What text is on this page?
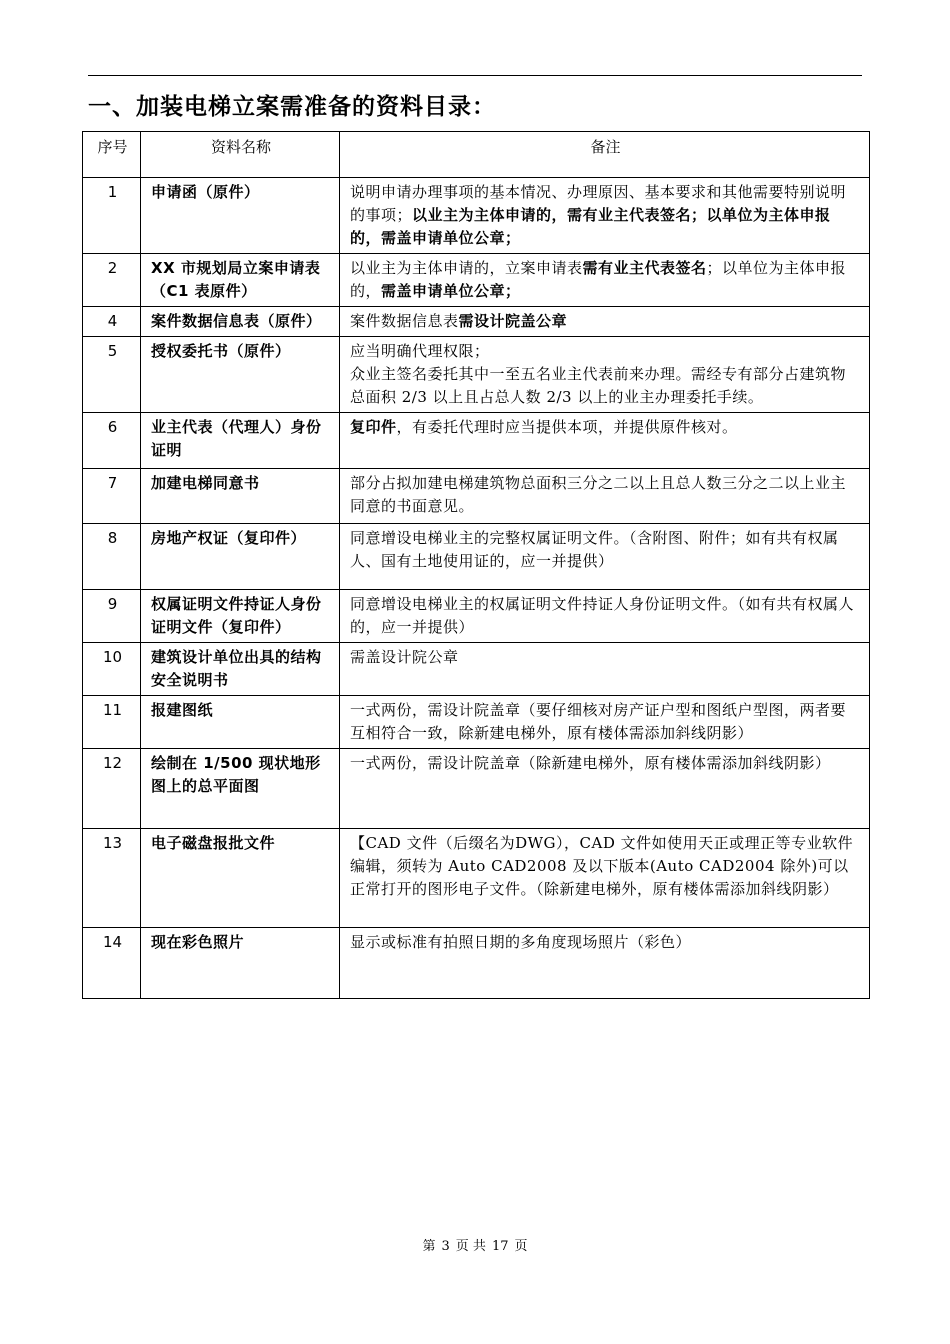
一、加装电梯立案需准备的资料目录：
序号	资料名称	备注
1	申请函（原件）	说明申请办理事项的基本情况、办理原因、基本要求和其他需要特别说明的事项；以业主为主体申请的，需有业主代表签名；以单位为主体申报的，需盖申请单位公章；
2	XX 市规划局立案申请表（C1 表原件）	以业主为主体申请的，立案申请表需有业主代表签名；以单位为主体申报的，需盖申请单位公章；
4	案件数据信息表（原件）	案件数据信息表需设计院盖公章
5	授权委托书（原件）	应当明确代理权限；
众业主签名委托其中一至五名业主代表前来办理。需经专有部分占建筑物总面积 2/3 以上且占总人数 2/3 以上的业主办理委托手续。
6	业主代表（代理人）身份证明	复印件，有委托代理时应当提供本项，并提供原件核对。
7	加建电梯同意书	部分占拟加建电梯建筑物总面积三分之二以上且总人数三分之二以上业主同意的书面意见。
8	房地产权证（复印件）	同意增设电梯业主的完整权属证明文件。（含附图、附件；如有共有权属人、国有土地使用证的，应一并提供）
9	权属证明文件持证人身份证明文件（复印件）	同意增设电梯业主的权属证明文件持证人身份证明文件。（如有共有权属人的，应一并提供）
10	建筑设计单位出具的结构安全说明书	需盖设计院公章
11	报建图纸	一式两份，需设计院盖章（要仔细核对房产证户型和图纸户型图，两者要互相符合一致，除新建电梯外，原有楼体需添加斜线阴影）
12	绘制在 1/500 现状地形图上的总平面图	一式两份，需设计院盖章（除新建电梯外，原有楼体需添加斜线阴影）
13	电子磁盘报批文件	【CAD 文件（后缀名为DWG），CAD 文件如使用天正或理正等专业软件编辑，须转为 Auto CAD2008 及以下版本(Auto CAD2004 除外)可以正常打开的图形电子文件。（除新建电梯外，原有楼体需添加斜线阴影）
14	现在彩色照片	显示或标准有拍照日期的多角度现场照片（彩色）
第 3 页 共 17 页
